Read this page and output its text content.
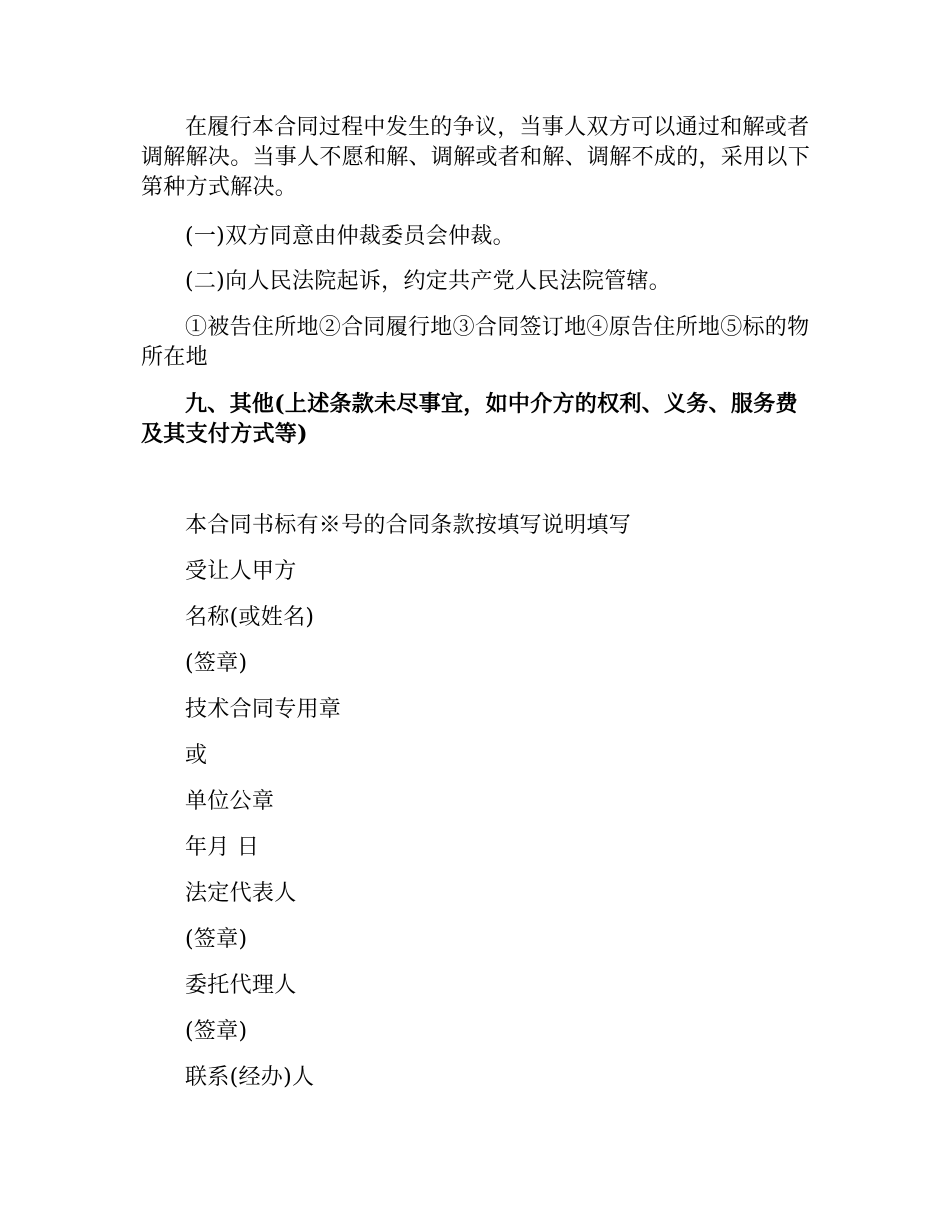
在履行本合同过程中发生的争议，当事人双方可以通过和解或者调解解决。当事人不愿和解、调解或者和解、调解不成的，采用以下第种方式解决。

(一)双方同意由仲裁委员会仲裁。

(二)向人民法院起诉，约定共产党人民法院管辖。

①被告住所地②合同履行地③合同签订地④原告住所地⑤标的物所在地

九、其他(上述条款未尽事宜，如中介方的权利、义务、服务费及其支付方式等)

本合同书标有※号的合同条款按填写说明填写

受让人甲方

名称(或姓名)

(签章)

技术合同专用章

或

单位公章

年月 日

法定代表人

(签章)

委托代理人

(签章)

联系(经办)人
